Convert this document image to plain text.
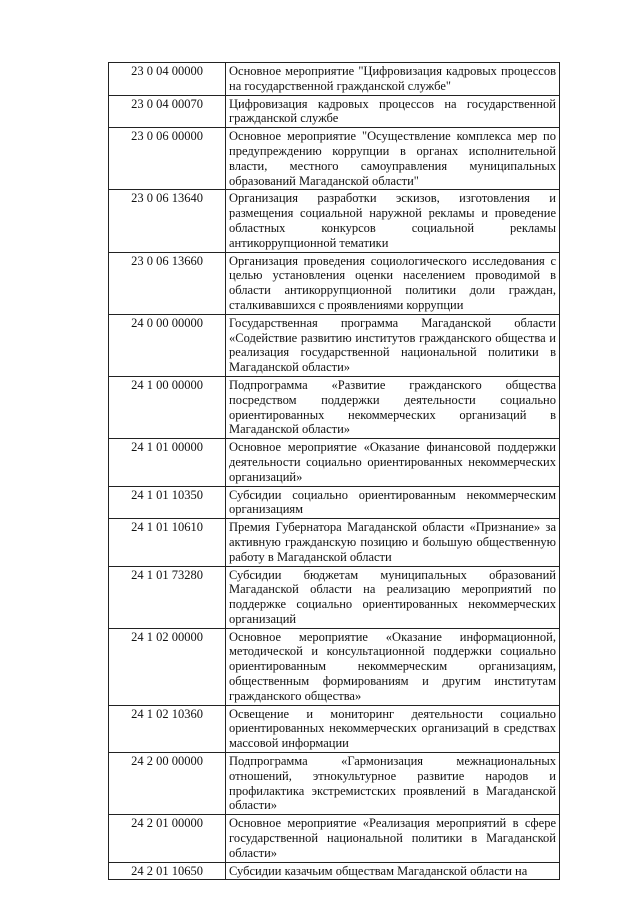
23 0 04 00000	Основное мероприятие "Цифровизация кадровых процессов на государственной гражданской службе"
23 0 04 00070	Цифровизация кадровых процессов на государственной гражданской службе
23 0 06 00000	Основное мероприятие "Осуществление комплекса мер по предупреждению коррупции в органах исполнительной власти, местного самоуправления муниципальных образований Магаданской области"
23 0 06 13640	Организация разработки эскизов, изготовления и размещения социальной наружной рекламы и проведение областных конкурсов социальной рекламы антикоррупционной тематики
23 0 06 13660	Организация проведения социологического исследования с целью установления оценки населением проводимой в области антикоррупционной политики доли граждан, сталкивавшихся с проявлениями коррупции
24 0 00 00000	Государственная программа Магаданской области «Содействие развитию институтов гражданского общества и реализация государственной национальной политики в Магаданской области»
24 1 00 00000	Подпрограмма «Развитие гражданского общества посредством поддержки деятельности социально ориентированных некоммерческих организаций в Магаданской области»
24 1 01 00000	Основное мероприятие «Оказание финансовой поддержки деятельности социально ориентированных некоммерческих организаций»
24 1 01 10350	Субсидии социально ориентированным некоммерческим организациям
24 1 01 10610	Премия Губернатора Магаданской области «Признание» за активную гражданскую позицию и большую общественную работу в Магаданской области
24 1 01 73280	Субсидии бюджетам муниципальных образований Магаданской области на реализацию мероприятий по поддержке социально ориентированных некоммерческих организаций
24 1 02 00000	Основное мероприятие «Оказание информационной, методической и консультационной поддержки социально ориентированным некоммерческим организациям, общественным формированиям и другим институтам гражданского общества»
24 1 02 10360	Освещение и мониторинг деятельности социально ориентированных некоммерческих организаций в средствах массовой информации
24 2 00 00000	Подпрограмма «Гармонизация межнациональных отношений, этнокультурное развитие народов и профилактика экстремистских проявлений в Магаданской области»
24 2 01 00000	Основное мероприятие «Реализация мероприятий в сфере государственной национальной политики в Магаданской области»
24 2 01 10650	Субсидии казачьим обществам Магаданской области на
